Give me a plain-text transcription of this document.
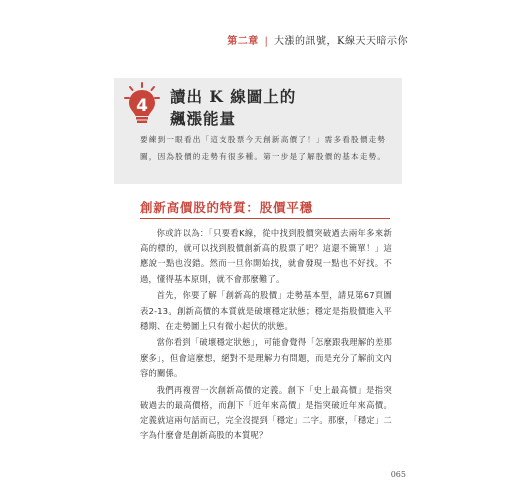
第二章 | 大漲的訊號，K線天天暗示你
4 讀出 K 線圖上的
飆漲能量
要練到一眼看出「這支股票今天創新高價了！」需多看股價走勢圖，因為股價的走勢有很多種。第一步是了解股價的基本走勢。
創新高價股的特質：股價平穩

你或許以為：「只要看K線，從中找到股價突破過去兩年多來新高的標的，就可以找到股價創新高的股票了吧？這還不簡單！」這應說一點也沒錯。然而一旦你開始找，就會發現一點也不好找。不過，懂得基本原則，就不會那麼難了。

首先，你要了解「創新高的股價」走勢基本型，請見第67頁圖表2-13。創新高價的本質就是破壞穩定狀態；穩定是指股價進入平穩期、在走勢圖上只有微小起伏的狀態。

當你看到「破壞穩定狀態」，可能會覺得「怎麼跟我理解的差那麼多」，但會這麼想，絕對不是理解力有問題，而是充分了解前文內容的關係。

我們再複習一次創新高價的定義。創下「史上最高價」是指突破過去的最高價格，而創下「近年來高價」是指突破近年來高價。定義就這兩句話而已，完全沒提到「穩定」二字。那麼，「穩定」二字為什麼會是創新高股的本質呢？

065
